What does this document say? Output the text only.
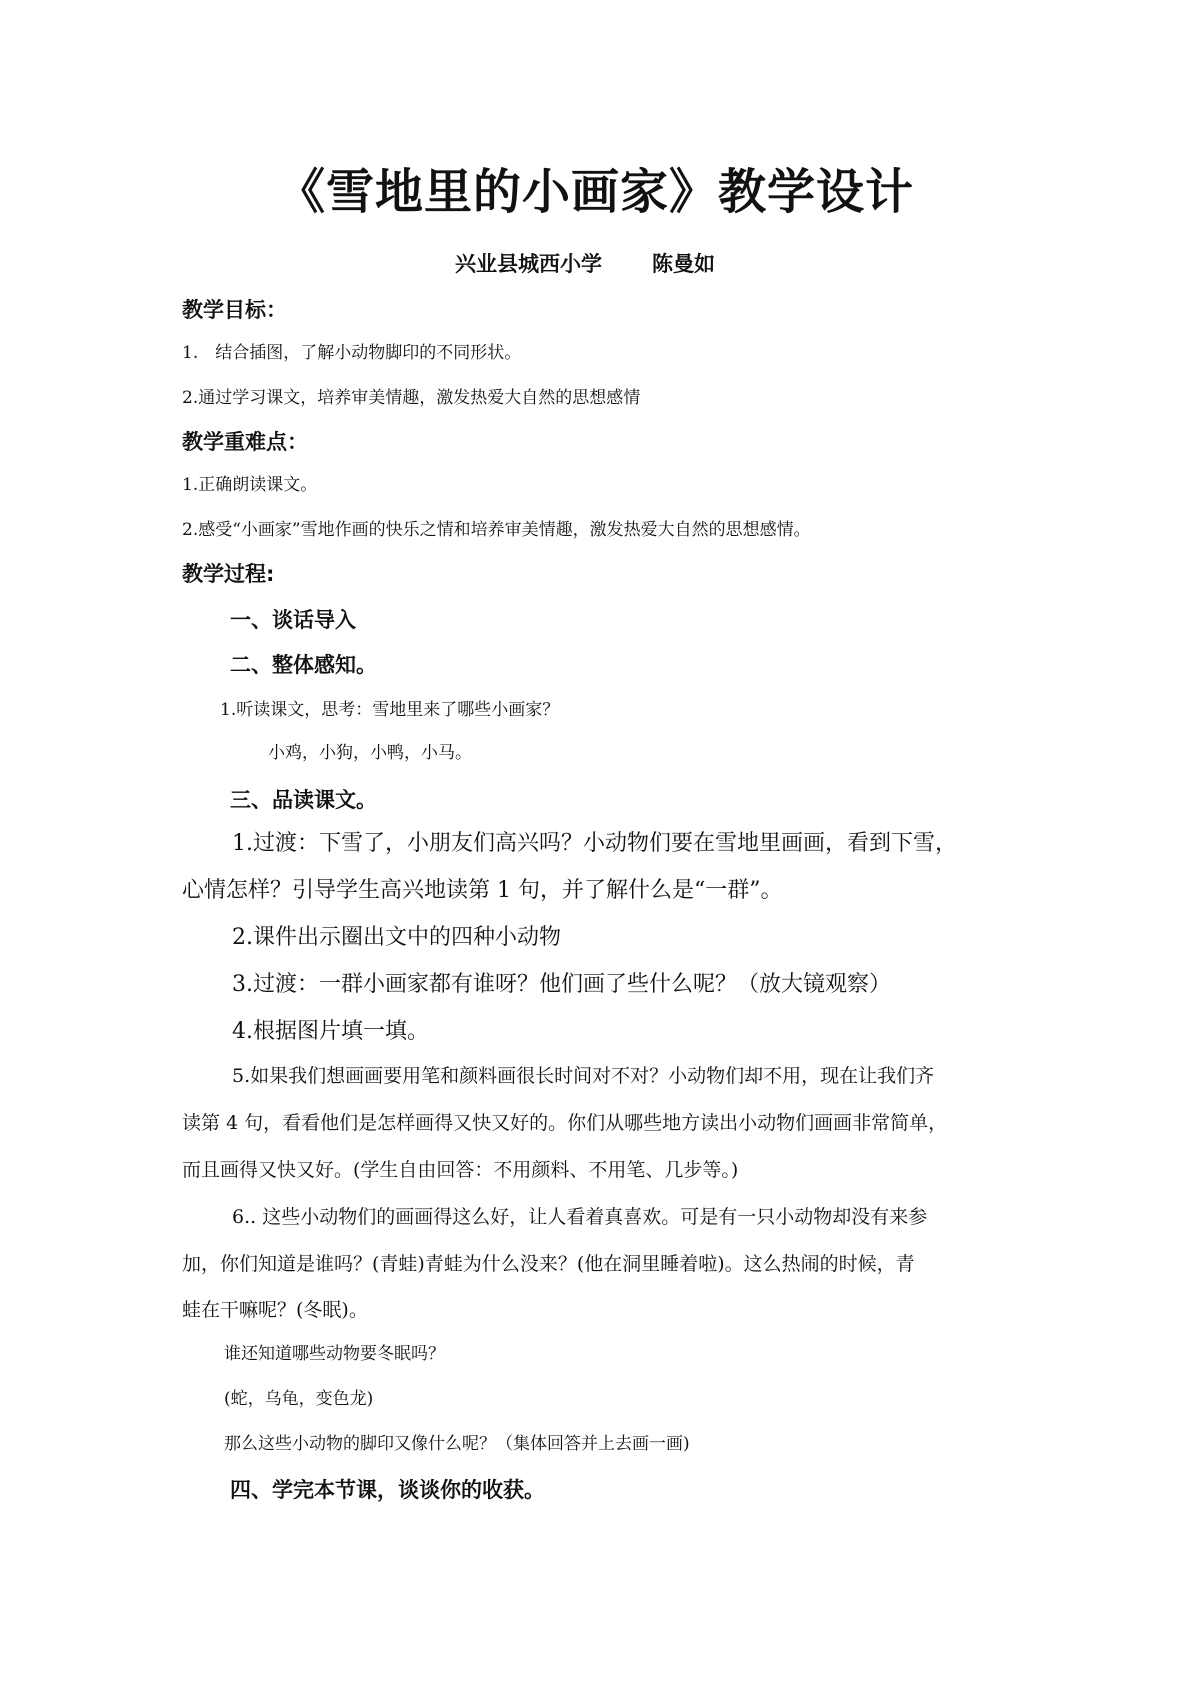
《雪地里的小画家》教学设计
兴业县城西小学 陈曼如
教学目标：
1.　结合插图，了解小动物脚印的不同形状。
2.通过学习课文，培养审美情趣，激发热爱大自然的思想感情
教学重难点：
1.正确朗读课文。
2.感受“小画家”雪地作画的快乐之情和培养审美情趣，激发热爱大自然的思想感情。
教学过程:
一、谈话导入
二、整体感知。
1.听读课文，思考：雪地里来了哪些小画家？
小鸡，小狗，小鸭，小马。
三、品读课文。
1.过渡：下雪了，小朋友们高兴吗？小动物们要在雪地里画画，看到下雪，
心情怎样？引导学生高兴地读第 1 句，并了解什么是“一群”。
2.课件出示圈出文中的四种小动物
3.过渡：一群小画家都有谁呀？他们画了些什么呢？（放大镜观察）
4.根据图片填一填。
5.如果我们想画画要用笔和颜料画很长时间对不对？小动物们却不用，现在让我们齐
读第 4 句，看看他们是怎样画得又快又好的。你们从哪些地方读出小动物们画画非常简单，
而且画得又快又好。(学生自由回答：不用颜料、不用笔、几步等。)
6.. 这些小动物们的画画得这么好，让人看着真喜欢。可是有一只小动物却没有来参
加，你们知道是谁吗？(青蛙)青蛙为什么没来？(他在洞里睡着啦)。这么热闹的时候，青
蛙在干嘛呢？(冬眠)。
谁还知道哪些动物要冬眠吗？
(蛇，乌龟，变色龙)
那么这些小动物的脚印又像什么呢？（集体回答并上去画一画)
四、学完本节课，谈谈你的收获。
